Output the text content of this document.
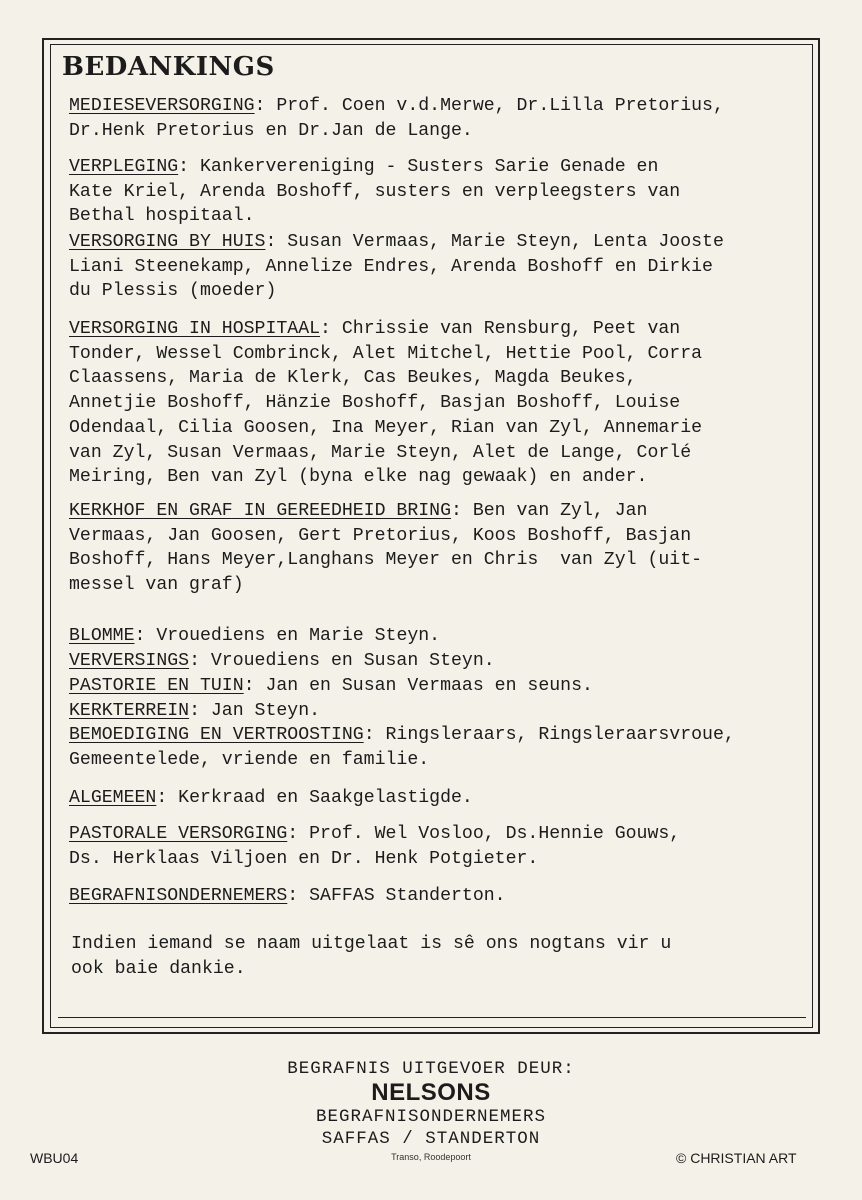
BEDANKINGS

MEDIESEVERSORGING: Prof. Coen v.d.Merwe, Dr.Lilla Pretorius,
Dr.Henk Pretorius en Dr.Jan de Lange.

VERPLEGING: Kankervereniging - Susters Sarie Genade en
Kate Kriel, Arenda Boshoff, susters en verpleegsters van
Bethal hospitaal.

VERSORGING BY HUIS: Susan Vermaas, Marie Steyn, Lenta Jooste
Liani Steenekamp, Annelize Endres, Arenda Boshoff en Dirkie
du Plessis (moeder)

VERSORGING IN HOSPITAAL: Chrissie van Rensburg, Peet van
Tonder, Wessel Combrinck, Alet Mitchel, Hettie Pool, Corra
Claassens, Maria de Klerk, Cas Beukes, Magda Beukes,
Annetjie Boshoff, Hänzie Boshoff, Basjan Boshoff, Louise
Odendaal, Cilia Goosen, Ina Meyer, Rian van Zyl, Annemarie
van Zyl, Susan Vermaas, Marie Steyn, Alet de Lange, Corlé
Meiring, Ben van Zyl (byna elke nag gewaak) en ander.

KERKHOF EN GRAF IN GEREEDHEID BRING: Ben van Zyl, Jan
Vermaas, Jan Goosen, Gert Pretorius, Koos Boshoff, Basjan
Boshoff, Hans Meyer,Langhans Meyer en Chris  van Zyl (uit-
messel van graf)

BLOMME: Vrouediens en Marie Steyn.

VERVERSINGS: Vrouediens en Susan Steyn.

PASTORIE EN TUIN: Jan en Susan Vermaas en seuns.

KERKTERREIN: Jan Steyn.

BEMOEDIGING EN VERTROOSTING: Ringsleraars, Ringsleraarsvroue,
Gemeentelede, vriende en familie.

ALGEMEEN: Kerkraad en Saakgelastigde.

PASTORALE VERSORGING: Prof. Wel Vosloo, Ds.Hennie Gouws,
Ds. Herklaas Viljoen en Dr. Henk Potgieter.

BEGRAFNISONDERNEMERS: SAFFAS Standerton.

Indien iemand se naam uitgelaat is sê ons nogtans vir u
ook baie dankie.

BEGRAFNIS UITGEVOER DEUR:
NELSONS
BEGRAFNISONDERNEMERS
SAFFAS / STANDERTON
Transo, Roodepoort
WBU04	© CHRISTIAN ART
